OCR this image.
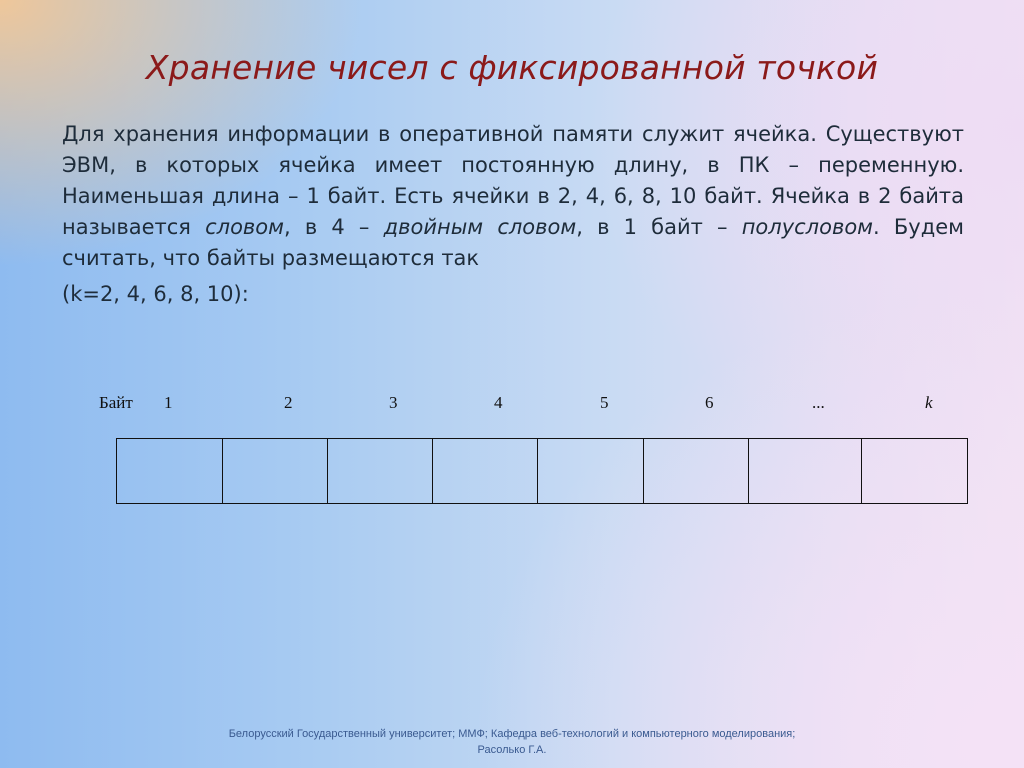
Хранение чисел с фиксированной точкой
Для хранения информации в оперативной памяти служит ячейка. Существуют ЭВМ, в которых ячейка имеет постоянную длину, в ПК – переменную. Наименьшая длина – 1 байт. Есть ячейки в 2, 4, 6, 8, 10 байт. Ячейка в 2 байта называется словом, в 4 – двойным словом, в 1 байт – полусловом. Будем считать, что байты размещаются так
(k=2, 4, 6, 8, 10):
Байт 1	2	3	4	5	6	...	k
Белорусский Государственный университет; ММФ; Кафедра веб-технологий и компьютерного моделирования;
Расолько Г.А.
